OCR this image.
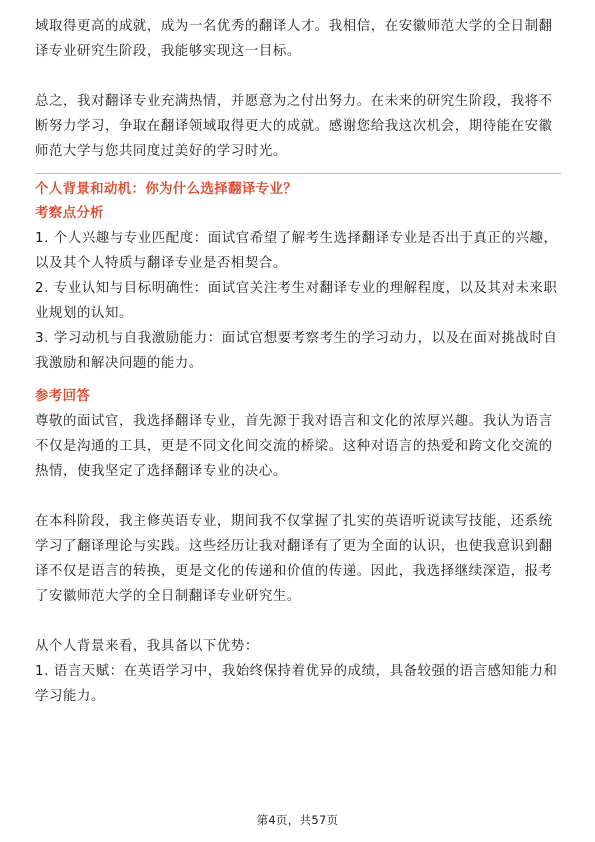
域取得更高的成就，成为一名优秀的翻译人才。我相信，在安徽师范大学的全日制翻译专业研究生阶段，我能够实现这一目标。

总之，我对翻译专业充满热情，并愿意为之付出努力。在未来的研究生阶段，我将不断努力学习，争取在翻译领域取得更大的成就。感谢您给我这次机会，期待能在安徽师范大学与您共同度过美好的学习时光。

个人背景和动机：你为什么选择翻译专业？

考察点分析

1. 个人兴趣与专业匹配度：面试官希望了解考生选择翻译专业是否出于真正的兴趣，以及其个人特质与翻译专业是否相契合。

2. 专业认知与目标明确性：面试官关注考生对翻译专业的理解程度，以及其对未来职业规划的认知。

3. 学习动机与自我激励能力：面试官想要考察考生的学习动力，以及在面对挑战时自我激励和解决问题的能力。

参考回答

尊敬的面试官，我选择翻译专业，首先源于我对语言和文化的浓厚兴趣。我认为语言不仅是沟通的工具，更是不同文化间交流的桥梁。这种对语言的热爱和跨文化交流的热情，使我坚定了选择翻译专业的决心。

在本科阶段，我主修英语专业，期间我不仅掌握了扎实的英语听说读写技能，还系统学习了翻译理论与实践。这些经历让我对翻译有了更为全面的认识，也使我意识到翻译不仅是语言的转换，更是文化的传递和价值的传递。因此，我选择继续深造，报考了安徽师范大学的全日制翻译专业研究生。

从个人背景来看，我具备以下优势：

1. 语言天赋：在英语学习中，我始终保持着优异的成绩，具备较强的语言感知能力和学习能力。

第4页，共57页
